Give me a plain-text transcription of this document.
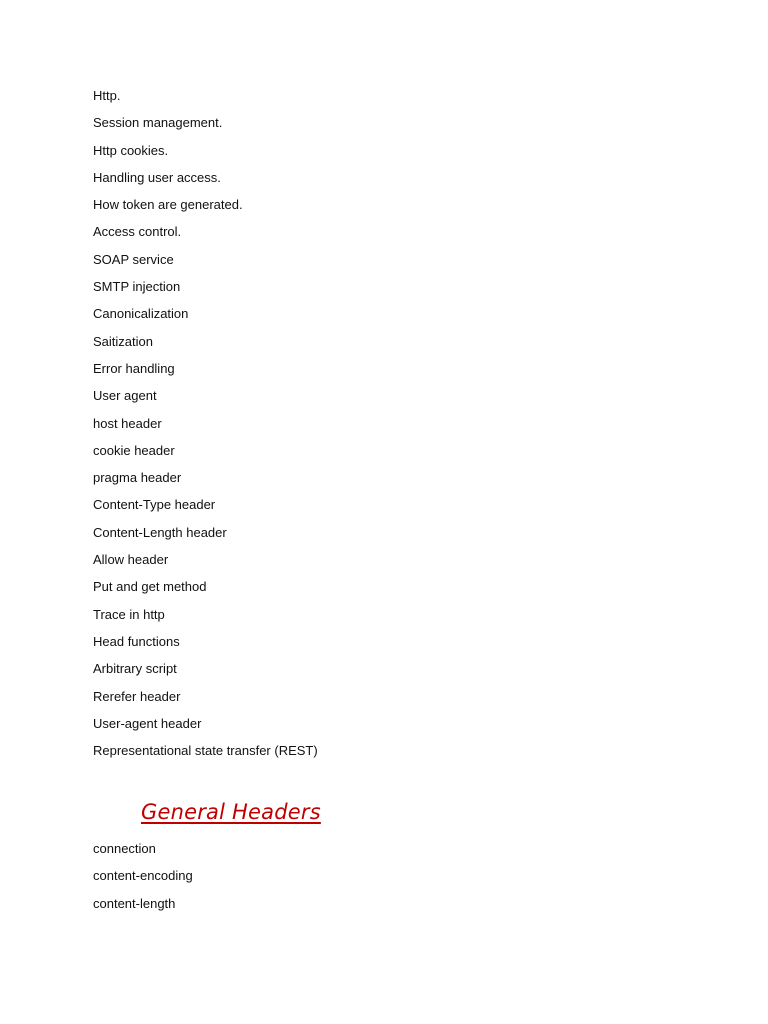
Http.
Session management.
Http cookies.
Handling user access.
How token are generated.
Access control.
SOAP service
SMTP injection
Canonicalization
Saitization
Error handling
User agent
host header
cookie header
pragma header
Content-Type header
Content-Length header
Allow header
Put and get method
Trace in http
Head functions
Arbitrary script
Rerefer header
User-agent header
Representational state transfer (REST)
General Headers
connection
content-encoding
content-length
